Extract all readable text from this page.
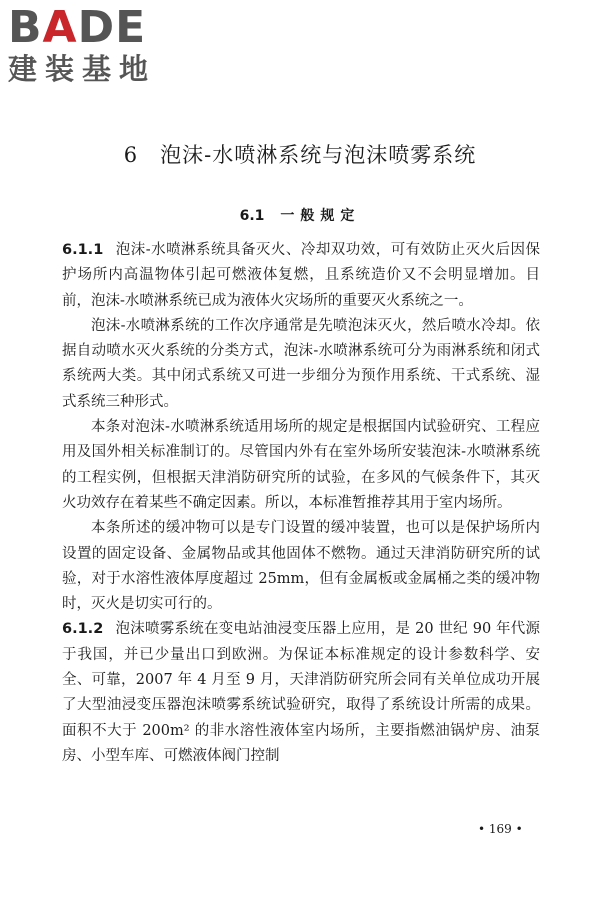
BADE
建装基地
6 泡沫-水喷淋系统与泡沫喷雾系统
6.1 一般规定

6.1.1 泡沫-水喷淋系统具备灭火、冷却双功效，可有效防止灭火后因保护场所内高温物体引起可燃液体复燃，且系统造价又不会明显增加。目前，泡沫-水喷淋系统已成为液体火灾场所的重要灭火系统之一。

泡沫-水喷淋系统的工作次序通常是先喷泡沫灭火，然后喷水冷却。依据自动喷水灭火系统的分类方式，泡沫-水喷淋系统可分为雨淋系统和闭式系统两大类。其中闭式系统又可进一步细分为预作用系统、干式系统、湿式系统三种形式。

本条对泡沫-水喷淋系统适用场所的规定是根据国内试验研究、工程应用及国外相关标准制订的。尽管国内外有在室外场所安装泡沫-水喷淋系统的工程实例，但根据天津消防研究所的试验，在多风的气候条件下，其灭火功效存在着某些不确定因素。所以，本标准暂推荐其用于室内场所。

本条所述的缓冲物可以是专门设置的缓冲装置，也可以是保护场所内设置的固定设备、金属物品或其他固体不燃物。通过天津消防研究所的试验，对于水溶性液体厚度超过 25mm，但有金属板或金属桶之类的缓冲物时，灭火是切实可行的。

6.1.2 泡沫喷雾系统在变电站油浸变压器上应用，是 20 世纪 90 年代源于我国，并已少量出口到欧洲。为保证本标准规定的设计参数科学、安全、可靠，2007 年 4 月至 9 月，天津消防研究所会同有关单位成功开展了大型油浸变压器泡沫喷雾系统试验研究，取得了系统设计所需的成果。面积不大于 200m² 的非水溶性液体室内场所，主要指燃油锅炉房、油泵房、小型车库、可燃液体阀门控制

• 169 •
